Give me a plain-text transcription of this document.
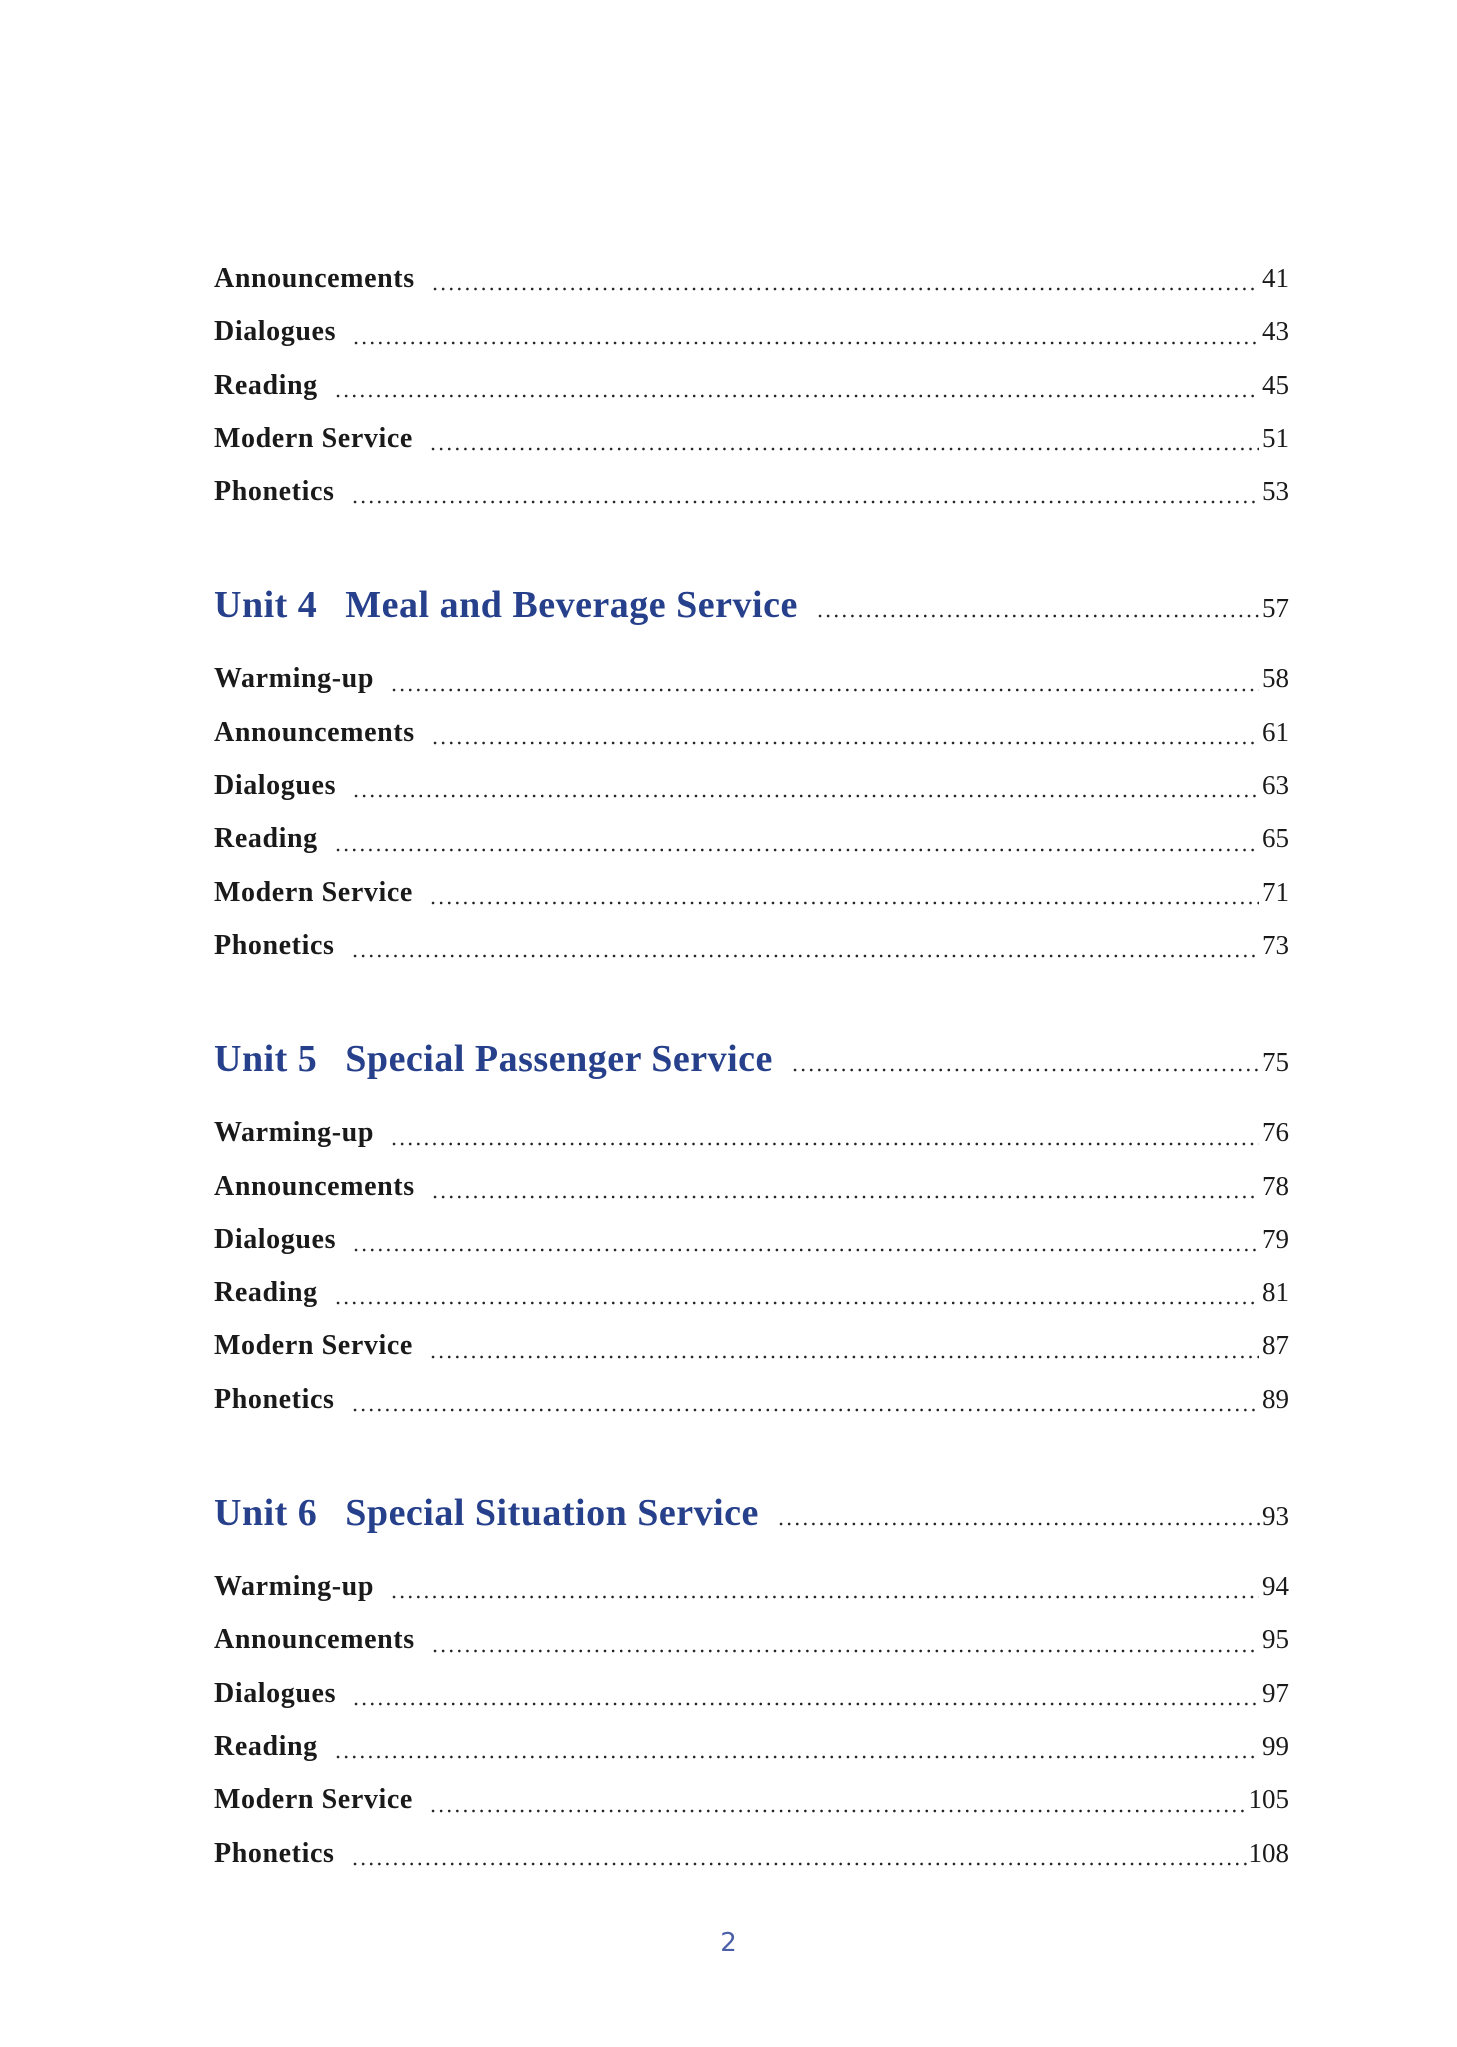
Announcements	41
Dialogues	43
Reading	45
Modern Service	51
Phonetics	53
Unit 4 Meal and Beverage Service	57
Warming-up	58
Announcements	61
Dialogues	63
Reading	65
Modern Service	71
Phonetics	73
Unit 5 Special Passenger Service	75
Warming-up	76
Announcements	78
Dialogues	79
Reading	81
Modern Service	87
Phonetics	89
Unit 6 Special Situation Service	93
Warming-up	94
Announcements	95
Dialogues	97
Reading	99
Modern Service	105
Phonetics	108
2
